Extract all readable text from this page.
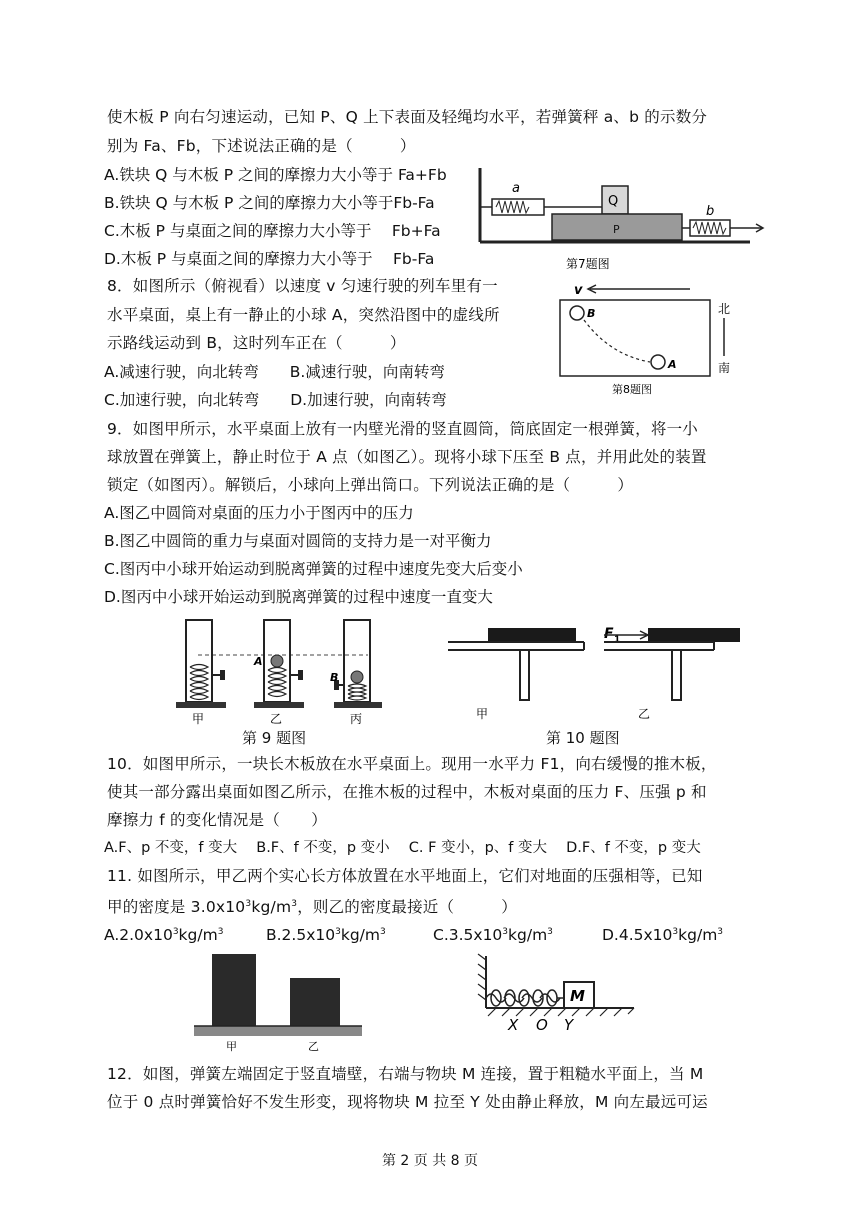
使木板 P 向右匀速运动，已知 P、Q 上下表面及轻绳均水平，若弹簧秤 a、b 的示数分
别为 Fa、Fb，下述说法正确的是（　　　）
A.铁块 Q 与木板 P 之间的摩擦力大小等于 Fa+Fb
B.铁块 Q 与木板 P 之间的摩擦力大小等于Fb-Fa
C.木板 P 与桌面之间的摩擦力大小等于　 Fb+Fa
D.木板 P 与桌面之间的摩擦力大小等于　 Fb-Fa
a
Q
P
b
第7题图
8．如图所示（俯视看）以速度 v 匀速行驶的列车里有一
水平桌面，桌上有一静止的小球 A，突然沿图中的虚线所
示路线运动到 B，这时列车正在（　　　）
A.减速行驶，向北转弯　　B.减速行驶，向南转弯
C.加速行驶，向北转弯　　D.加速行驶，向南转弯
v
B
A
北
南
第8题图
9．如图甲所示，水平桌面上放有一内壁光滑的竖直圆筒，筒底固定一根弹簧，将一小
球放置在弹簧上，静止时位于 A 点（如图乙）。现将小球下压至 B 点，并用此处的装置
锁定（如图丙）。解锁后，小球向上弹出筒口。下列说法正确的是（　　　）
A.图乙中圆筒对桌面的压力小于图丙中的压力
B.图乙中圆筒的重力与桌面对圆筒的支持力是一对平衡力
C.图丙中小球开始运动到脱离弹簧的过程中速度先变大后变小
D.图丙中小球开始运动到脱离弹簧的过程中速度一直变大
甲
A
乙
B
丙
第 9 题图
甲
F 1
乙
第 10 题图
10．如图甲所示，一块长木板放在水平桌面上。现用一水平力 F1，向右缓慢的推木板，
使其一部分露出桌面如图乙所示，在推木板的过程中，木板对桌面的压力 F、压强 p 和
摩擦力 f 的变化情况是（　　）
A.F、p 不变，f 变大　 B.F、f 不变，p 变小　 C. F 变小，p、f 变大　 D.F、f 不变，p 变大
11. 如图所示，甲乙两个实心长方体放置在水平地面上，它们对地面的压强相等，已知
甲的密度是 $3.0x10^3kg/m^3$，则乙的密度最接近（　　　）
$A.2.0x10^3kg/m^3$	$B.2.5x10^3kg/m^3$	$C.3.5x10^3kg/m^3$	$D.4.5x10^3kg/m^3$
甲	乙
M
X O Y
12．如图，弹簧左端固定于竖直墙壁，右端与物块 M 连接，置于粗糙水平面上，当 M
位于 0 点时弹簧恰好不发生形变，现将物块 M 拉至 Y 处由静止释放，M 向左最远可运
第 2 页 共 8 页
